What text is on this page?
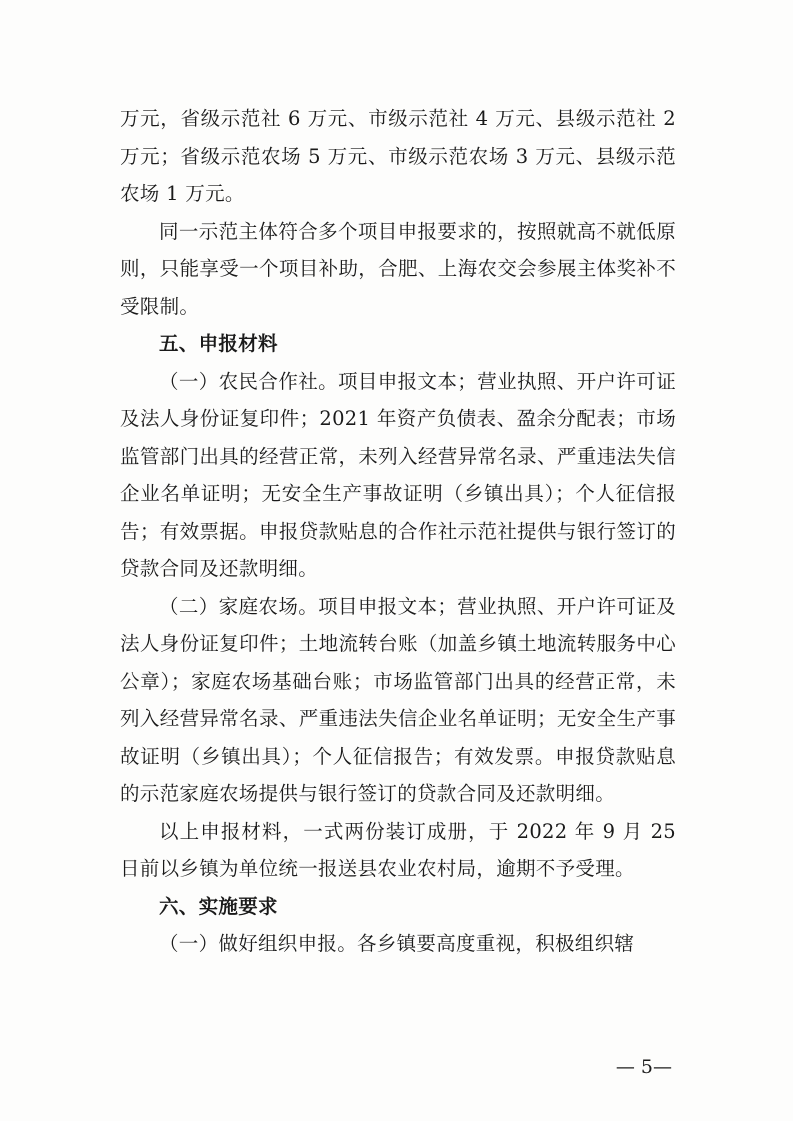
万元，省级示范社 6 万元、市级示范社 4 万元、县级示范社 2 万元；省级示范农场 5 万元、市级示范农场 3 万元、县级示范农场 1 万元。

同一示范主体符合多个项目申报要求的，按照就高不就低原则，只能享受一个项目补助，合肥、上海农交会参展主体奖补不受限制。

五、申报材料

（一）农民合作社。项目申报文本；营业执照、开户许可证及法人身份证复印件；2021 年资产负债表、盈余分配表；市场监管部门出具的经营正常，未列入经营异常名录、严重违法失信企业名单证明；无安全生产事故证明（乡镇出具）；个人征信报告；有效票据。申报贷款贴息的合作社示范社提供与银行签订的贷款合同及还款明细。

（二）家庭农场。项目申报文本；营业执照、开户许可证及法人身份证复印件；土地流转台账（加盖乡镇土地流转服务中心公章）；家庭农场基础台账；市场监管部门出具的经营正常，未列入经营异常名录、严重违法失信企业名单证明；无安全生产事故证明（乡镇出具）；个人征信报告；有效发票。申报贷款贴息的示范家庭农场提供与银行签订的贷款合同及还款明细。

以上申报材料，一式两份装订成册，于 2022 年 9 月 25 日前以乡镇为单位统一报送县农业农村局，逾期不予受理。

六、实施要求

（一）做好组织申报。各乡镇要高度重视，积极组织辖

— 5—
